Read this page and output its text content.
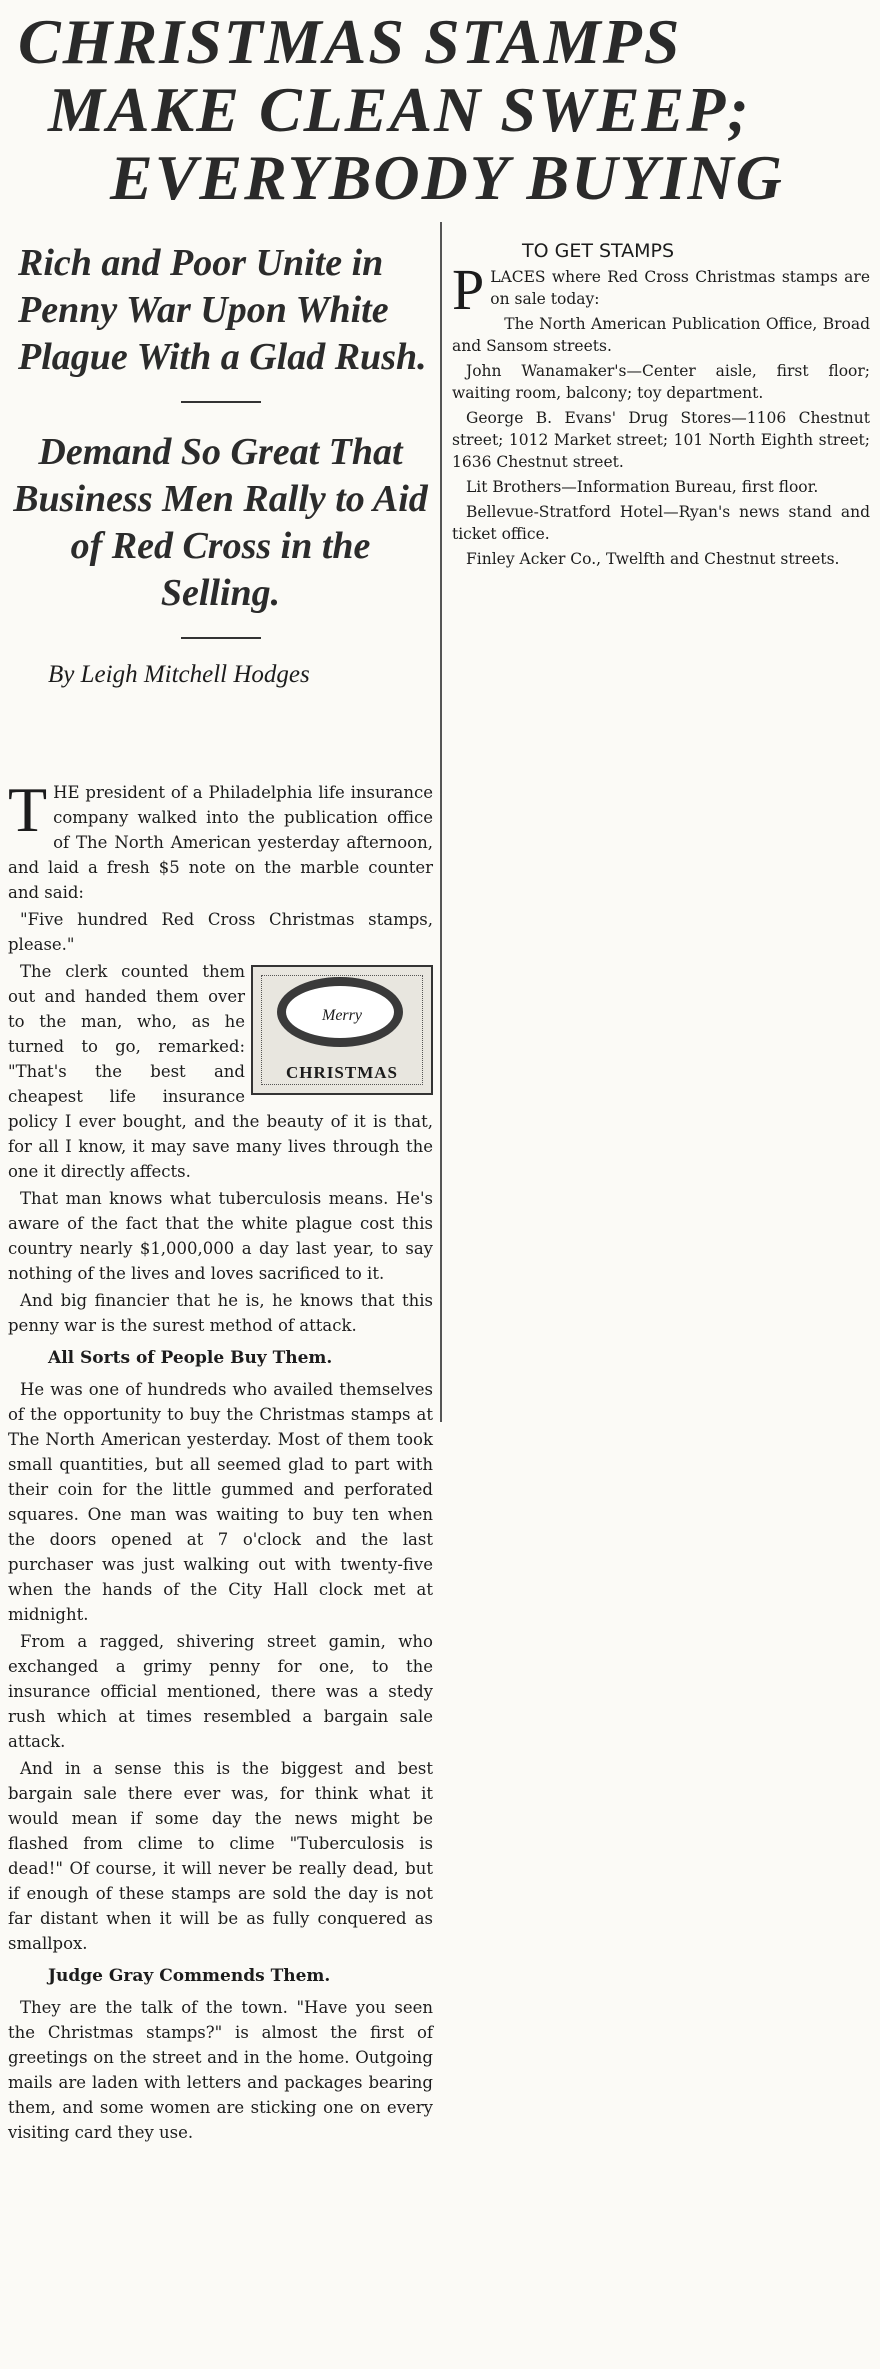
CHRISTMAS STAMPS
MAKE CLEAN SWEEP;
EVERYBODY BUYING
Rich and Poor Unite in Penny War Upon White Plague With a Glad Rush.
Demand So Great That Business Men Rally to Aid of Red Cross in the Selling.
By Leigh Mitchell Hodges

THE president of a Philadelphia life insurance company walked into the publication office of The North American yesterday afternoon, and laid a fresh $5 note on the marble counter and said:

"Five hundred Red Cross Christmas stamps, please."

Merry
CHRISTMAS

The clerk counted them out and handed them over to the man, who, as he turned to go, remarked: "That's the best and cheapest life insurance policy I ever bought, and the beauty of it is that, for all I know, it may save many lives through the one it directly affects.

That man knows what tuberculosis means. He's aware of the fact that the white plague cost this country nearly $1,000,000 a day last year, to say nothing of the lives and loves sacrificed to it.

And big financier that he is, he knows that this penny war is the surest method of attack.

All Sorts of People Buy Them.

He was one of hundreds who availed themselves of the opportunity to buy the Christmas stamps at The North American yesterday. Most of them took small quantities, but all seemed glad to part with their coin for the little gummed and perforated squares. One man was waiting to buy ten when the doors opened at 7 o'clock and the last purchaser was just walking out with twenty-five when the hands of the City Hall clock met at midnight.

From a ragged, shivering street gamin, who exchanged a grimy penny for one, to the insurance official mentioned, there was a stedy rush which at times resembled a bargain sale attack.

And in a sense this is the biggest and best bargain sale there ever was, for think what it would mean if some day the news might be flashed from clime to clime "Tuberculosis is dead!" Of course, it will never be really dead, but if enough of these stamps are sold the day is not far distant when it will be as fully conquered as smallpox.

Judge Gray Commends Them.

They are the talk of the town. "Have you seen the Christmas stamps?" is almost the first of greetings on the street and in the home. Outgoing mails are laden with letters and packages bearing them, and some women are sticking one on every visiting card they use.

TO GET STAMPS

PLACES where Red Cross Christmas stamps are on sale today:

The North American Publication Office, Broad and Sansom streets.

John Wanamaker's—Center aisle, first floor; waiting room, balcony; toy department.

George B. Evans' Drug Stores—1106 Chestnut street; 1012 Market street; 101 North Eighth street; 1636 Chestnut street.

Lit Brothers—Information Bureau, first floor.

Bellevue-Stratford Hotel—Ryan's news stand and ticket office.

Finley Acker Co., Twelfth and Chestnut streets.
